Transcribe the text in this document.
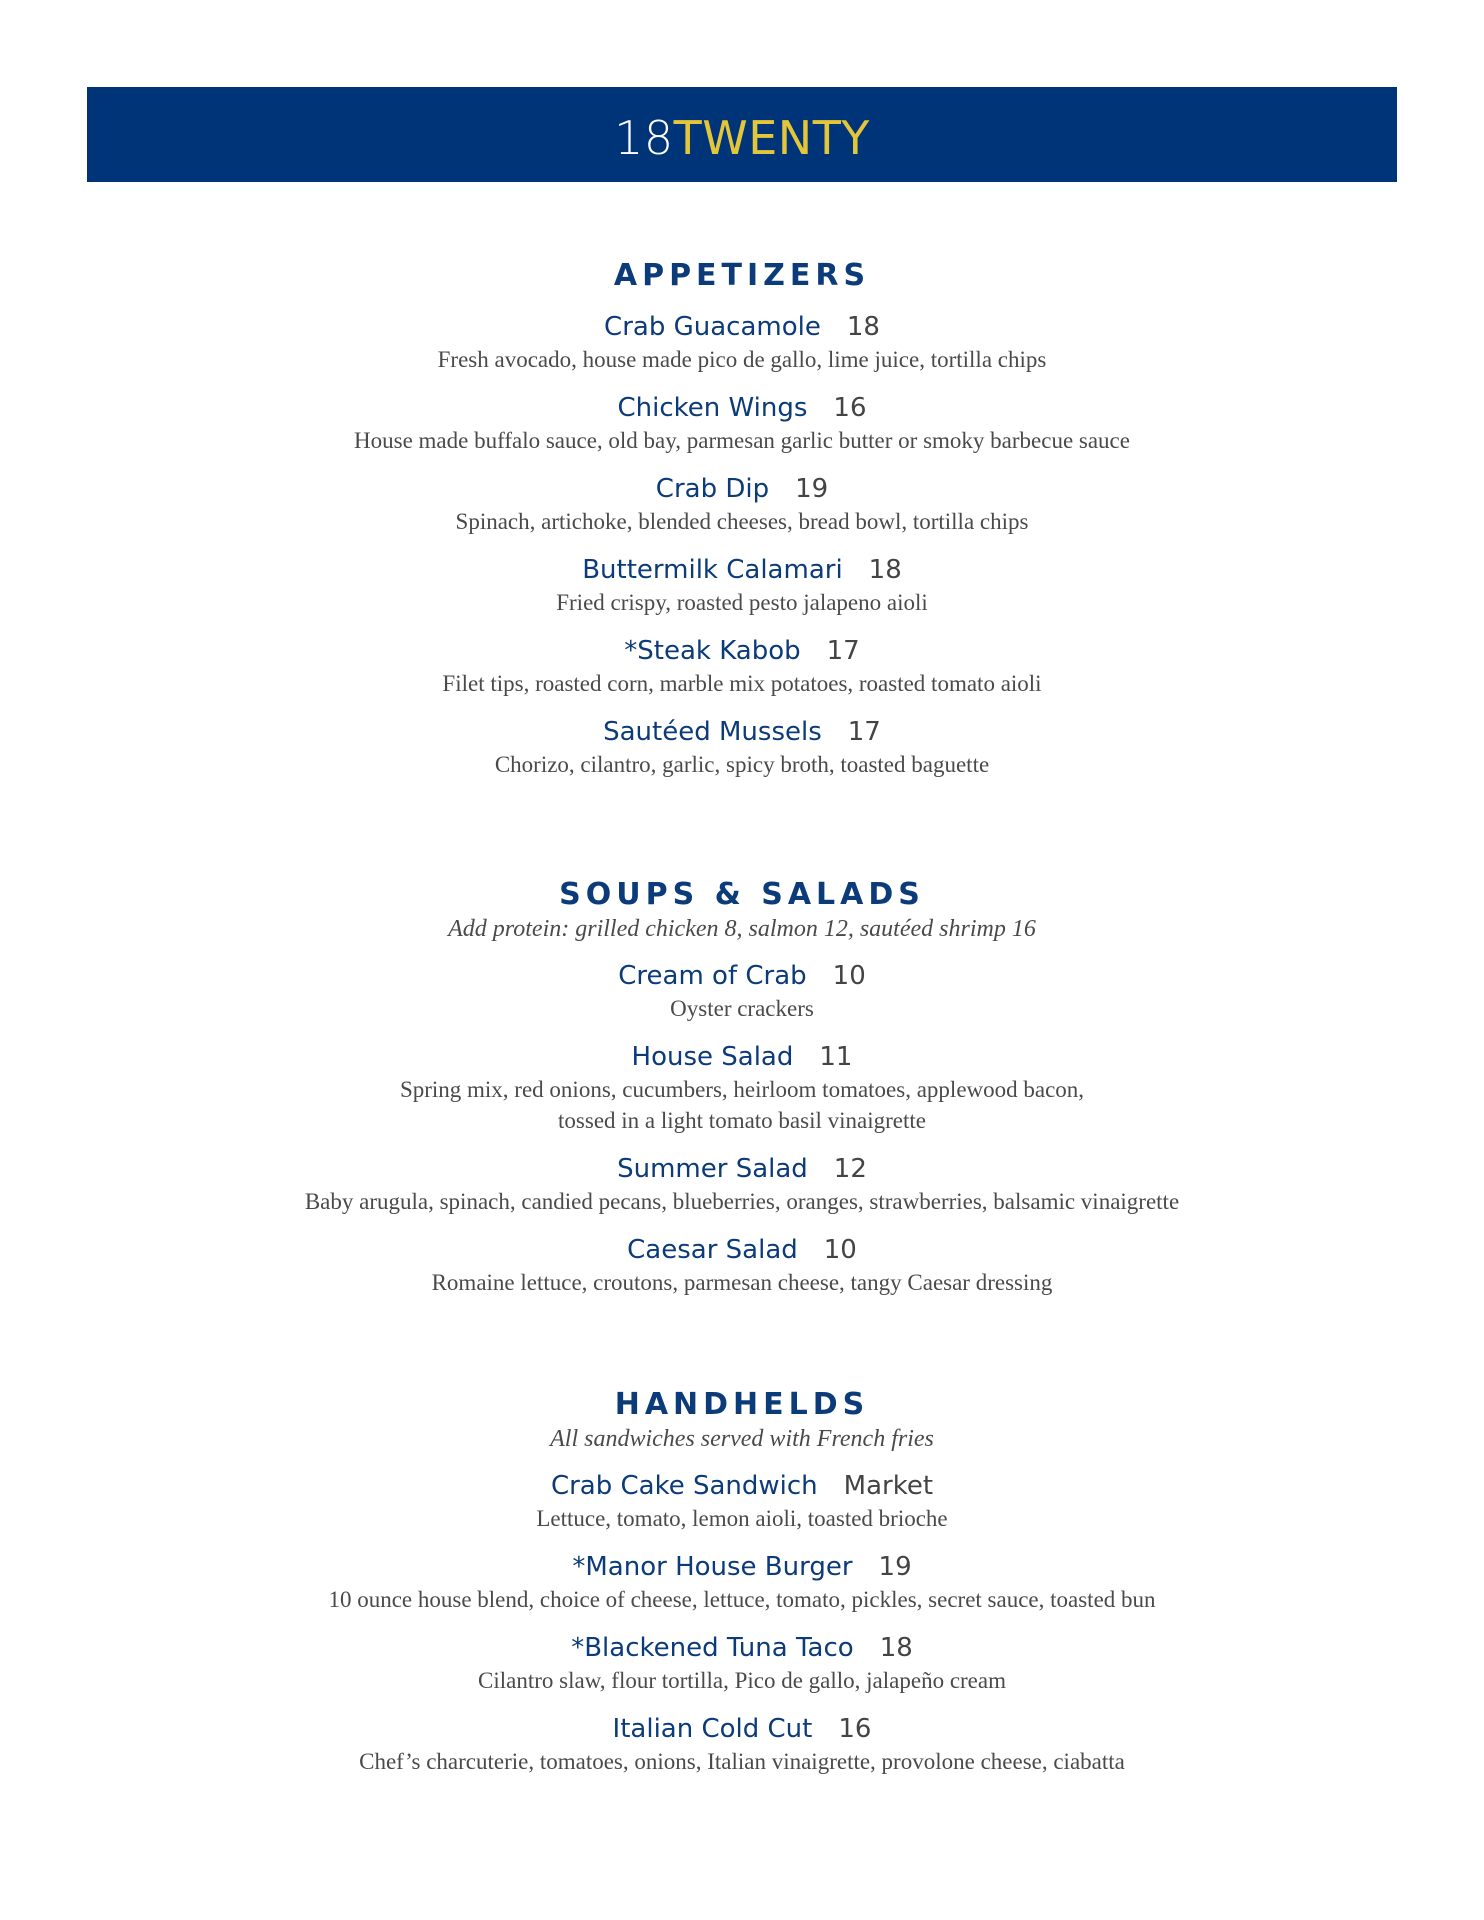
18TWENTY
APPETIZERS
Crab Guacamole 18
Fresh avocado, house made pico de gallo, lime juice, tortilla chips
Chicken Wings 16
House made buffalo sauce, old bay, parmesan garlic butter or smoky barbecue sauce
Crab Dip 19
Spinach, artichoke, blended cheeses, bread bowl, tortilla chips
Buttermilk Calamari 18
Fried crispy, roasted pesto jalapeno aioli
*Steak Kabob 17
Filet tips, roasted corn, marble mix potatoes, roasted tomato aioli
Sautéed Mussels 17
Chorizo, cilantro, garlic, spicy broth, toasted baguette
SOUPS & SALADS

Add protein: grilled chicken 8, salmon 12, sautéed shrimp 16

Cream of Crab 10
Oyster crackers
House Salad 11
Spring mix, red onions, cucumbers, heirloom tomatoes, applewood bacon,
tossed in a light tomato basil vinaigrette
Summer Salad 12
Baby arugula, spinach, candied pecans, blueberries, oranges, strawberries, balsamic vinaigrette
Caesar Salad 10
Romaine lettuce, croutons, parmesan cheese, tangy Caesar dressing
HANDHELDS

All sandwiches served with French fries

Crab Cake Sandwich Market
Lettuce, tomato, lemon aioli, toasted brioche
*Manor House Burger 19
10 ounce house blend, choice of cheese, lettuce, tomato, pickles, secret sauce, toasted bun
*Blackened Tuna Taco 18
Cilantro slaw, flour tortilla, Pico de gallo, jalapeño cream
Italian Cold Cut 16
Chef’s charcuterie, tomatoes, onions, Italian vinaigrette, provolone cheese, ciabatta
